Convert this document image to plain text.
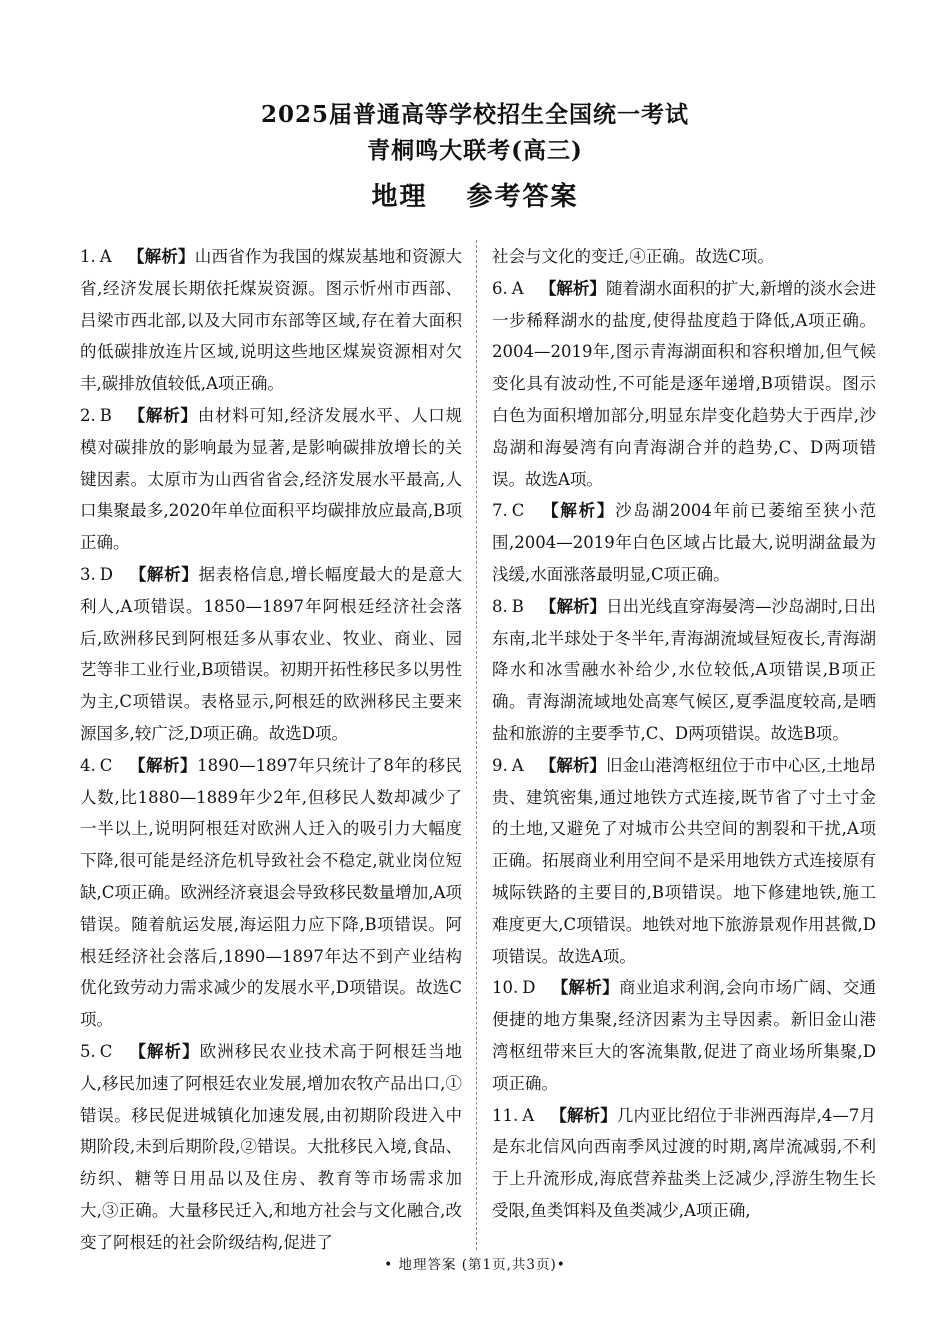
2025届普通高等学校招生全国统一考试
青桐鸣大联考(高三)
地理 参考答案

1. A 【解析】山西省作为我国的煤炭基地和资源大省,经济发展长期依托煤炭资源。图示忻州市西部、吕梁市西北部,以及大同市东部等区域,存在着大面积的低碳排放连片区域,说明这些地区煤炭资源相对欠丰,碳排放值较低,A项正确。

2. B 【解析】由材料可知,经济发展水平、人口规模对碳排放的影响最为显著,是影响碳排放增长的关键因素。太原市为山西省省会,经济发展水平最高,人口集聚最多,2020年单位面积平均碳排放应最高,B项正确。

3. D 【解析】据表格信息,增长幅度最大的是意大利人,A项错误。1850—1897年阿根廷经济社会落后,欧洲移民到阿根廷多从事农业、牧业、商业、园艺等非工业行业,B项错误。初期开拓性移民多以男性为主,C项错误。表格显示,阿根廷的欧洲移民主要来源国多,较广泛,D项正确。故选D项。

4. C 【解析】1890—1897年只统计了8年的移民人数,比1880—1889年少2年,但移民人数却减少了一半以上,说明阿根廷对欧洲人迁入的吸引力大幅度下降,很可能是经济危机导致社会不稳定,就业岗位短缺,C项正确。欧洲经济衰退会导致移民数量增加,A项错误。随着航运发展,海运阻力应下降,B项错误。阿根廷经济社会落后,1890—1897年达不到产业结构优化致劳动力需求减少的发展水平,D项错误。故选C项。

5. C 【解析】欧洲移民农业技术高于阿根廷当地人,移民加速了阿根廷农业发展,增加农牧产品出口,①错误。移民促进城镇化加速发展,由初期阶段进入中期阶段,未到后期阶段,②错误。大批移民入境,食品、纺织、糖等日用品以及住房、教育等市场需求加大,③正确。大量移民迁入,和地方社会与文化融合,改变了阿根廷的社会阶级结构,促进了

社会与文化的变迁,④正确。故选C项。

6. A 【解析】随着湖水面积的扩大,新增的淡水会进一步稀释湖水的盐度,使得盐度趋于降低,A项正确。2004—2019年,图示青海湖面积和容积增加,但气候变化具有波动性,不可能是逐年递增,B项错误。图示白色为面积增加部分,明显东岸变化趋势大于西岸,沙岛湖和海晏湾有向青海湖合并的趋势,C、D两项错误。故选A项。

7. C 【解析】沙岛湖2004年前已萎缩至狭小范围,2004—2019年白色区域占比最大,说明湖盆最为浅缓,水面涨落最明显,C项正确。

8. B 【解析】日出光线直穿海晏湾—沙岛湖时,日出东南,北半球处于冬半年,青海湖流域昼短夜长,青海湖降水和冰雪融水补给少,水位较低,A项错误,B项正确。青海湖流域地处高寒气候区,夏季温度较高,是晒盐和旅游的主要季节,C、D两项错误。故选B项。

9. A 【解析】旧金山港湾枢纽位于市中心区,土地昂贵、建筑密集,通过地铁方式连接,既节省了寸土寸金的土地,又避免了对城市公共空间的割裂和干扰,A项正确。拓展商业利用空间不是采用地铁方式连接原有城际铁路的主要目的,B项错误。地下修建地铁,施工难度更大,C项错误。地铁对地下旅游景观作用甚微,D项错误。故选A项。

10. D 【解析】商业追求利润,会向市场广阔、交通便捷的地方集聚,经济因素为主导因素。新旧金山港湾枢纽带来巨大的客流集散,促进了商业场所集聚,D项正确。

11. A 【解析】几内亚比绍位于非洲西海岸,4—7月是东北信风向西南季风过渡的时期,离岸流减弱,不利于上升流形成,海底营养盐类上泛减少,浮游生物生长受限,鱼类饵料及鱼类减少,A项正确,

• 地理答案 (第1页,共3页)•
